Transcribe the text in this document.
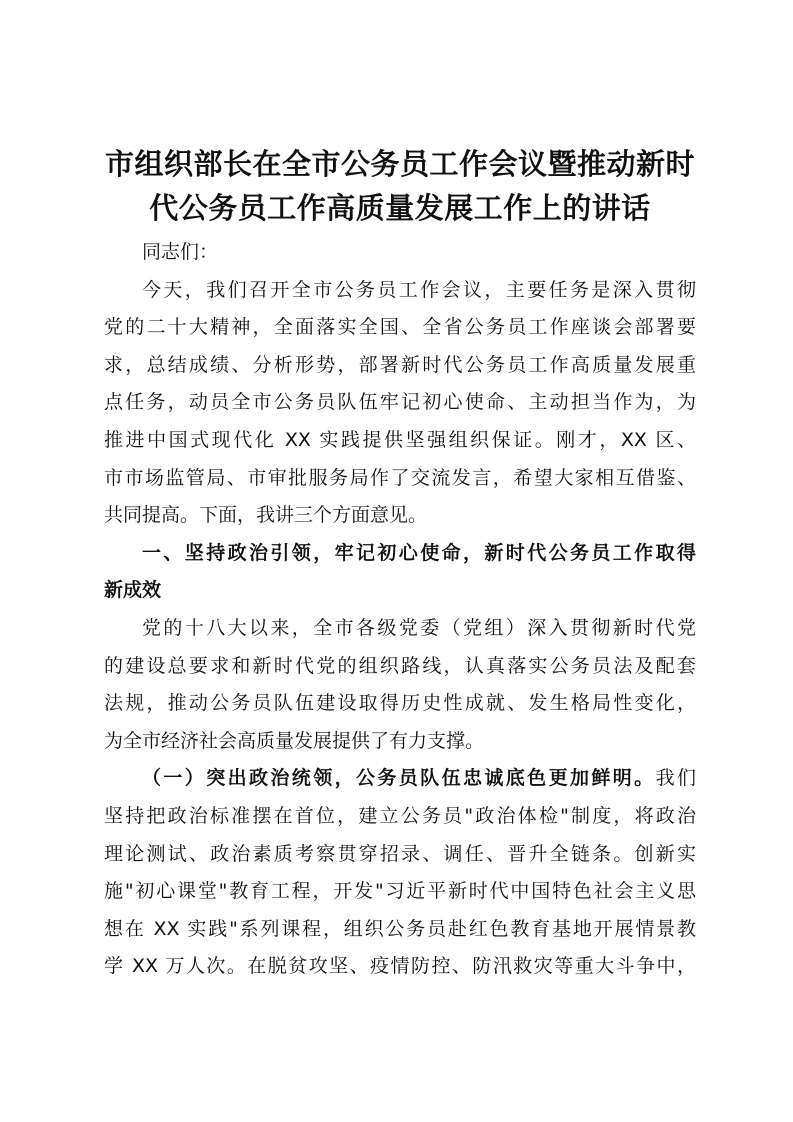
市组织部长在全市公务员工作会议暨推动新时
代公务员工作高质量发展工作上的讲话
同志们：
今天，我们召开全市公务员工作会议，主要任务是深入贯彻
党的二十大精神，全面落实全国、全省公务员工作座谈会部署要
求，总结成绩、分析形势，部署新时代公务员工作高质量发展重
点任务，动员全市公务员队伍牢记初心使命、主动担当作为，为
推进中国式现代化 XX 实践提供坚强组织保证。刚才，XX 区、
市市场监管局、市审批服务局作了交流发言，希望大家相互借鉴、
共同提高。下面，我讲三个方面意见。
一、坚持政治引领，牢记初心使命，新时代公务员工作取得
新成效
党的十八大以来，全市各级党委（党组）深入贯彻新时代党
的建设总要求和新时代党的组织路线，认真落实公务员法及配套
法规，推动公务员队伍建设取得历史性成就、发生格局性变化，
为全市经济社会高质量发展提供了有力支撑。
（一）突出政治统领，公务员队伍忠诚底色更加鲜明。我们
坚持把政治标准摆在首位，建立公务员"政治体检"制度，将政治
理论测试、政治素质考察贯穿招录、调任、晋升全链条。创新实
施"初心课堂"教育工程，开发"习近平新时代中国特色社会主义思
想在 XX 实践"系列课程，组织公务员赴红色教育基地开展情景教
学 XX 万人次。在脱贫攻坚、疫情防控、防汛救灾等重大斗争中，
